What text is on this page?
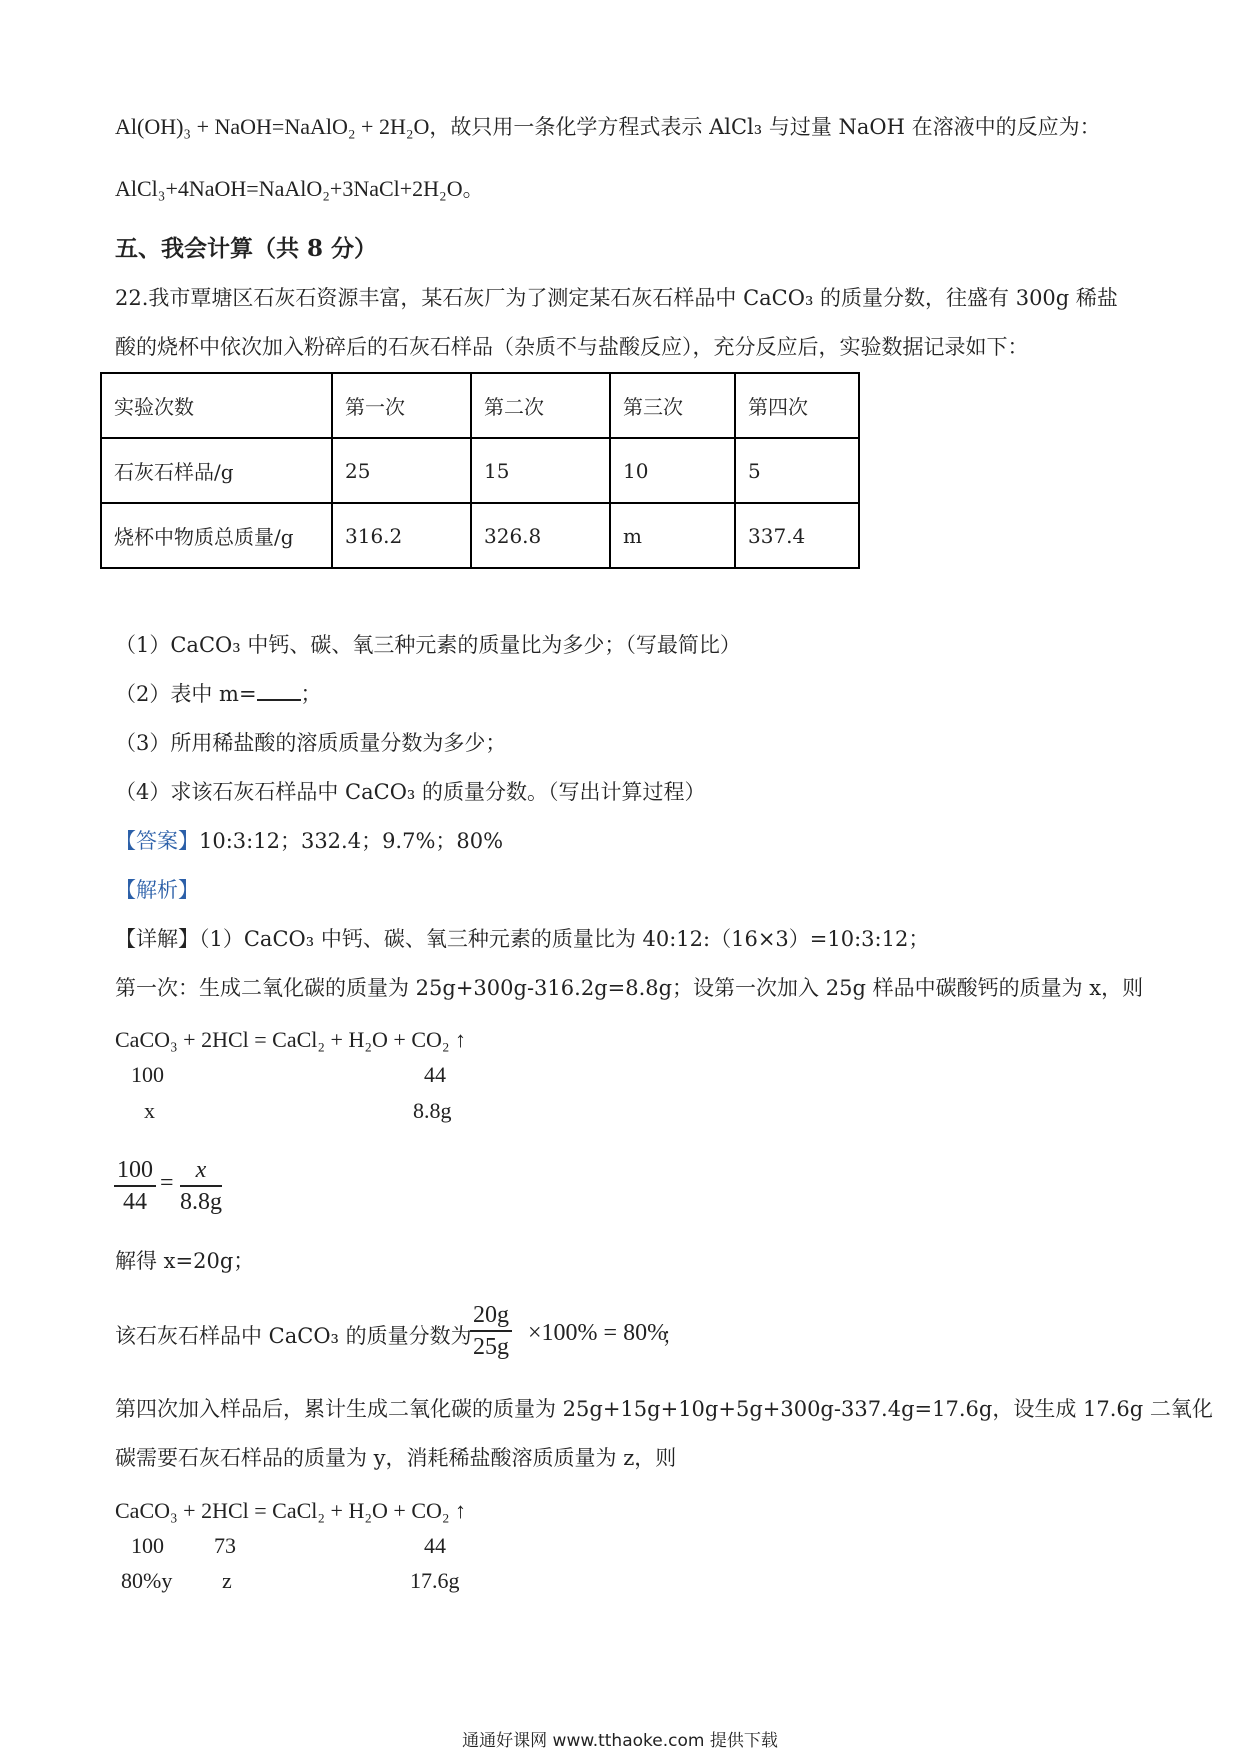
Al(OH)₃ + NaOH=NaAlO₂ + 2H₂O，故只用一条化学方程式表示 AlCl₃ 与过量 NaOH 在溶液中的反应为：
AlCl₃+4NaOH=NaAlO₂+3NaCl+2H₂O。
五、我会计算（共 8 分）
22.我市覃塘区石灰石资源丰富，某石灰厂为了测定某石灰石样品中 CaCO₃ 的质量分数，往盛有 300g 稀盐
酸的烧杯中依次加入粉碎后的石灰石样品（杂质不与盐酸反应），充分反应后，实验数据记录如下：
实验次数	第一次	第二次	第三次	第四次
石灰石样品/g	25	15	10	5
烧杯中物质总质量/g	316.2	326.8	m	337.4
（1）CaCO₃ 中钙、碳、氧三种元素的质量比为多少；（写最简比）
（2）表中 m= ；
（3）所用稀盐酸的溶质质量分数为多少；
（4）求该石灰石样品中 CaCO₃ 的质量分数。（写出计算过程）
【答案】10:3:12；332.4；9.7%；80%
【解析】
【详解】（1）CaCO₃ 中钙、碳、氧三种元素的质量比为 40:12:（16×3）=10:3:12；
第一次：生成二氧化碳的质量为 25g+300g-316.2g=8.8g；设第一次加入 25g 样品中碳酸钙的质量为 x，则
CaCO₃ + 2HCl = CaCl₂ + H₂O + CO₂ ↑
100	44
x	8.8g
$\frac{100}{44} = \frac{x}{8.8g}$
解得 x=20g；
该石灰石样品中 CaCO₃ 的质量分数为
$\frac{20g}{25g} \times 100\% = 80\%$
；
第四次加入样品后，累计生成二氧化碳的质量为 25g+15g+10g+5g+300g-337.4g=17.6g，设生成 17.6g 二氧化
碳需要石灰石样品的质量为 y，消耗稀盐酸溶质质量为 z，则
CaCO₃ + 2HCl = CaCl₂ + H₂O + CO₂ ↑
100 73	44
80%y z	17.6g
通通好课网 www.tthaoke.com 提供下载
